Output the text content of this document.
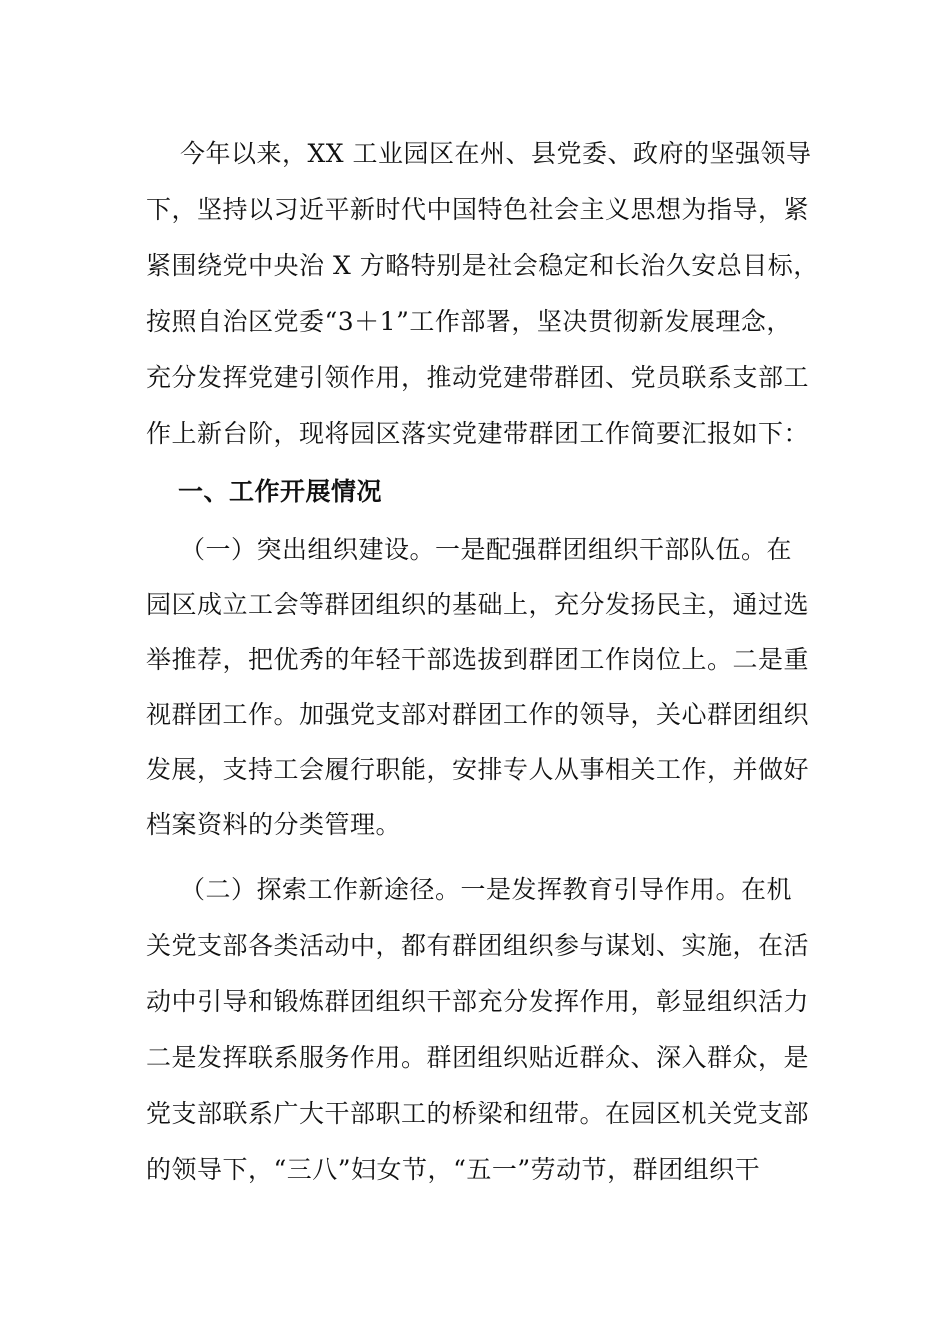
今年以来，XX 工业园区在州、县党委、政府的坚强领导
下，坚持以习近平新时代中国特色社会主义思想为指导，紧
紧围绕党中央治 X 方略特别是社会稳定和长治久安总目标，
按照自治区党委“3＋1”工作部署，坚决贯彻新发展理念，
充分发挥党建引领作用，推动党建带群团、党员联系支部工
作上新台阶，现将园区落实党建带群团工作简要汇报如下：
一、工作开展情况
（一）突出组织建设。一是配强群团组织干部队伍。在
园区成立工会等群团组织的基础上，充分发扬民主，通过选
举推荐，把优秀的年轻干部选拔到群团工作岗位上。二是重
视群团工作。加强党支部对群团工作的领导，关心群团组织
发展，支持工会履行职能，安排专人从事相关工作，并做好
档案资料的分类管理。
（二）探索工作新途径。一是发挥教育引导作用。在机
关党支部各类活动中，都有群团组织参与谋划、实施，在活
动中引导和锻炼群团组织干部充分发挥作用，彰显组织活力
二是发挥联系服务作用。群团组织贴近群众、深入群众，是
党支部联系广大干部职工的桥梁和纽带。在园区机关党支部
的领导下，“三八”妇女节，“五一”劳动节，群团组织干
